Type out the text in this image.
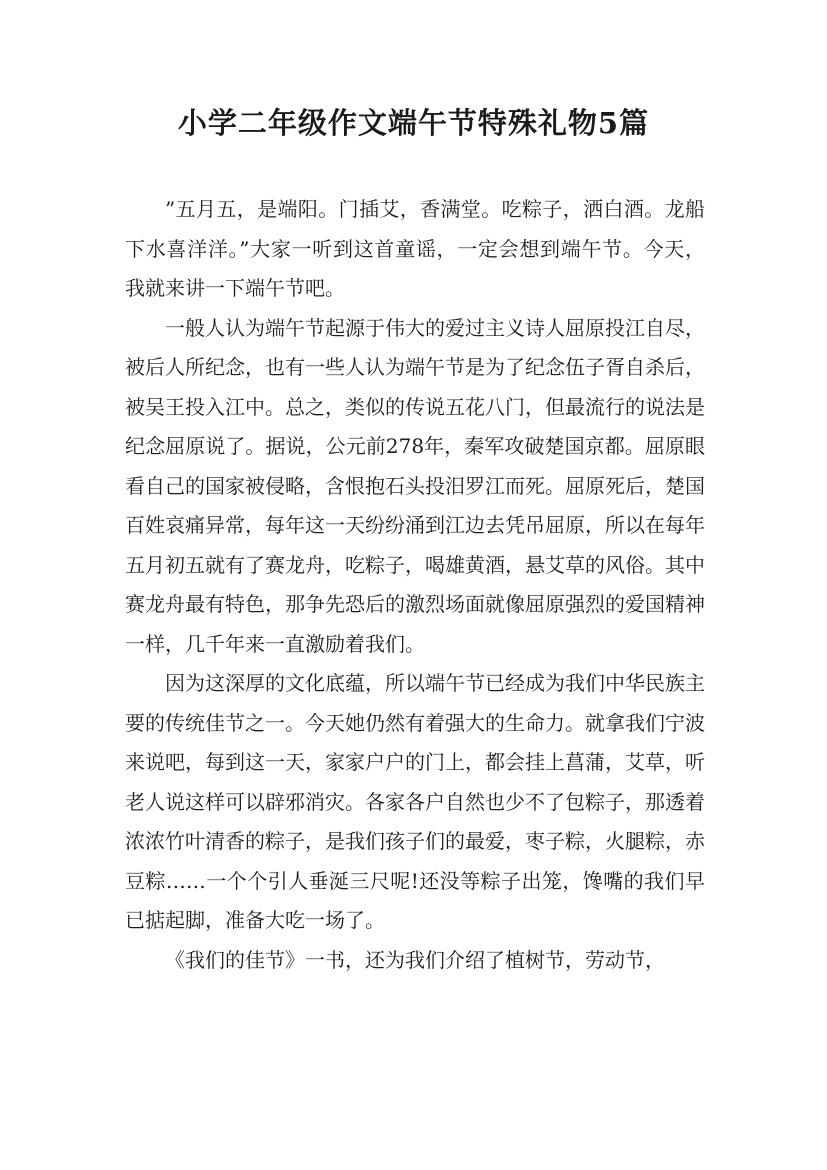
小学二年级作文端午节特殊礼物5篇

”五月五，是端阳。门插艾，香满堂。吃粽子，洒白酒。龙船下水喜洋洋。”大家一听到这首童谣，一定会想到端午节。今天，我就来讲一下端午节吧。

一般人认为端午节起源于伟大的爱过主义诗人屈原投江自尽，被后人所纪念，也有一些人认为端午节是为了纪念伍子胥自杀后，被吴王投入江中。总之，类似的传说五花八门，但最流行的说法是纪念屈原说了。据说，公元前278年，秦军攻破楚国京都。屈原眼看自己的国家被侵略，含恨抱石头投汨罗江而死。屈原死后，楚国百姓哀痛异常，每年这一天纷纷涌到江边去凭吊屈原，所以在每年五月初五就有了赛龙舟，吃粽子，喝雄黄酒，悬艾草的风俗。其中赛龙舟最有特色，那争先恐后的激烈场面就像屈原强烈的爱国精神一样，几千年来一直激励着我们。

因为这深厚的文化底蕴，所以端午节已经成为我们中华民族主要的传统佳节之一。今天她仍然有着强大的生命力。就拿我们宁波来说吧，每到这一天，家家户户的门上，都会挂上菖蒲，艾草，听老人说这样可以辟邪消灾。各家各户自然也少不了包粽子，那透着浓浓竹叶清香的粽子，是我们孩子们的最爱，枣子粽，火腿粽，赤豆粽……一个个引人垂涎三尺呢!还没等粽子出笼，馋嘴的我们早已掂起脚，准备大吃一场了。

《我们的佳节》一书，还为我们介绍了植树节，劳动节，
